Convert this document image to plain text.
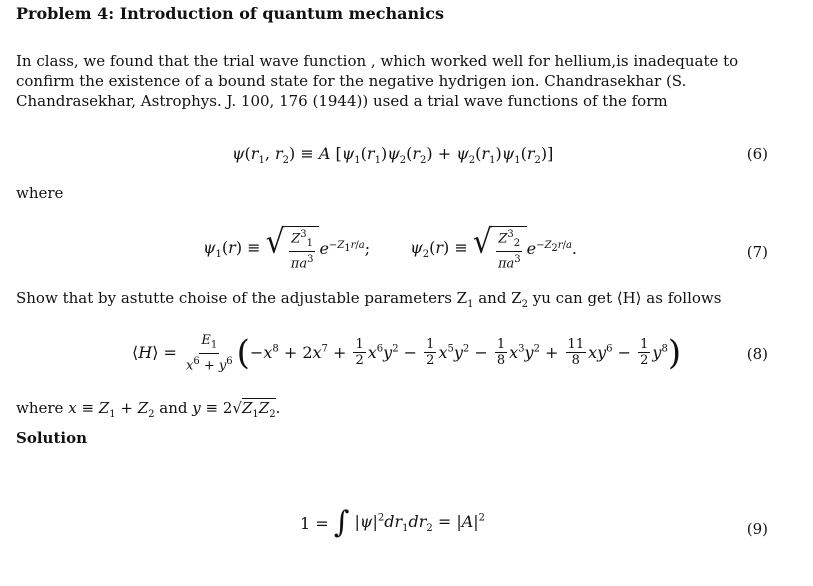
Problem 4: Introduction of quantum mechanics
In class, we found that the trial wave function , which worked well for hellium,is inadequate to confirm the existence of a bound state for the negative hydrigen ion. Chandrasekhar (S. Chandrasekhar, Astrophys. J. 100, 176 (1944)) used a trial wave functions of the form
$\psi(r_1$, $r_2) \equiv A$ $[\psi_1(r_1)\psi_2(r_2) + \psi_2(r_1)\psi_1(r_2)]$	(6)
where
$\psi_1(r)$ ≡ √ $\frac{Z^3_1}{\pi a^3} e^{-Z_1r/a}$;	$\psi_2(r)$ ≡ √ $\frac{Z^3_2}{\pi a^3} e^{-Z_2r/a}$.	(7)
Show that by astutte choise of the adjustable parameters $Z_1$ and $Z_2$ yu can get ⟨H⟩ as follows
⟨H⟩ = $\frac{E_1}{x^6 + y^6}$ ( $-x^8 + 2x^7 + \frac{1}{2} x^6y^2 - \frac{1}{2} x^5y^2 - \frac{1}{8} x^3y^2 + \frac{11}{8} xy^6 - \frac{1}{2} y^8$ )	(8)
where $x \equiv Z_1 + Z_2$ and $y \equiv 2√Z_1Z_2$.
Solution
1 = ∫ $|\psi|^2dr_1dr_2 = |A|^2$
(9)
